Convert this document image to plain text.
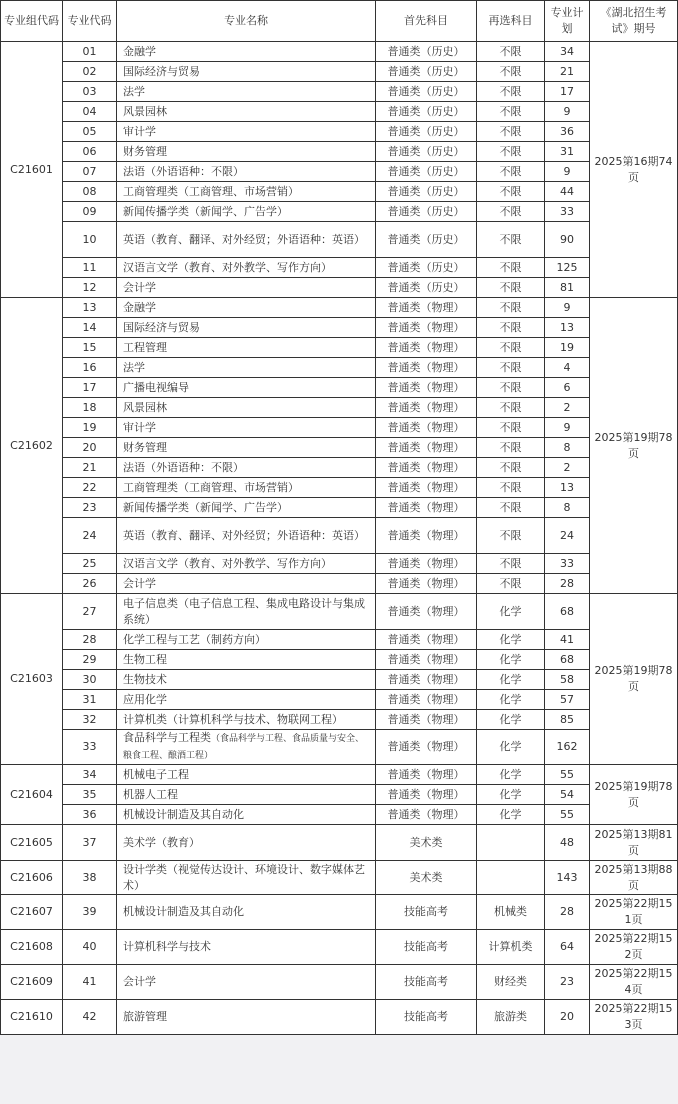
专业组代码	专业代码	专业名称	首先科目	再选科目	专业计划	《湖北招生考试》期号
C21601	01	金融学	普通类（历史）	不限	34	2025第16期74页
	02	国际经济与贸易	普通类（历史）	不限	21	
	03	法学	普通类（历史）	不限	17	
	04	风景园林	普通类（历史）	不限	9	
	05	审计学	普通类（历史）	不限	36	
	06	财务管理	普通类（历史）	不限	31	
	07	法语（外语语种：不限）	普通类（历史）	不限	9	
	08	工商管理类（工商管理、市场营销）	普通类（历史）	不限	44	
	09	新闻传播学类（新闻学、广告学）	普通类（历史）	不限	33	
	10	英语（教育、翻译、对外经贸；外语语种：英语）	普通类（历史）	不限	90	
	11	汉语言文学（教育、对外教学、写作方向）	普通类（历史）	不限	125	
	12	会计学	普通类（历史）	不限	81	
C21602	13	金融学	普通类（物理）	不限	9	2025第19期78页
	14	国际经济与贸易	普通类（物理）	不限	13	
	15	工程管理	普通类（物理）	不限	19	
	16	法学	普通类（物理）	不限	4	
	17	广播电视编导	普通类（物理）	不限	6	
	18	风景园林	普通类（物理）	不限	2	
	19	审计学	普通类（物理）	不限	9	
	20	财务管理	普通类（物理）	不限	8	
	21	法语（外语语种：不限）	普通类（物理）	不限	2	
	22	工商管理类（工商管理、市场营销）	普通类（物理）	不限	13	
	23	新闻传播学类（新闻学、广告学）	普通类（物理）	不限	8	
	24	英语（教育、翻译、对外经贸；外语语种：英语）	普通类（物理）	不限	24	
	25	汉语言文学（教育、对外教学、写作方向）	普通类（物理）	不限	33	
	26	会计学	普通类（物理）	不限	28	
C21603	27	电子信息类（电子信息工程、集成电路设计与集成系统）	普通类（物理）	化学	68	2025第19期78页
	28	化学工程与工艺（制药方向）	普通类（物理）	化学	41	
	29	生物工程	普通类（物理）	化学	68	
	30	生物技术	普通类（物理）	化学	58	
	31	应用化学	普通类（物理）	化学	57	
	32	计算机类（计算机科学与技术、物联网工程）	普通类（物理）	化学	85	
	33	食品科学与工程类（食品科学与工程、食品质量与安全、粮食工程、酿酒工程）	普通类（物理）	化学	162	
C21604	34	机械电子工程	普通类（物理）	化学	55	2025第19期78页
	35	机器人工程	普通类（物理）	化学	54	
	36	机械设计制造及其自动化	普通类（物理）	化学	55	
C21605	37	美术学（教育）	美术类		48	2025第13期81页
C21606	38	设计学类（视觉传达设计、环境设计、数字媒体艺术）	美术类		143	2025第13期88页
C21607	39	机械设计制造及其自动化	技能高考	机械类	28	2025第22期151页
C21608	40	计算机科学与技术	技能高考	计算机类	64	2025第22期152页
C21609	41	会计学	技能高考	财经类	23	2025第22期154页
C21610	42	旅游管理	技能高考	旅游类	20	2025第22期153页
